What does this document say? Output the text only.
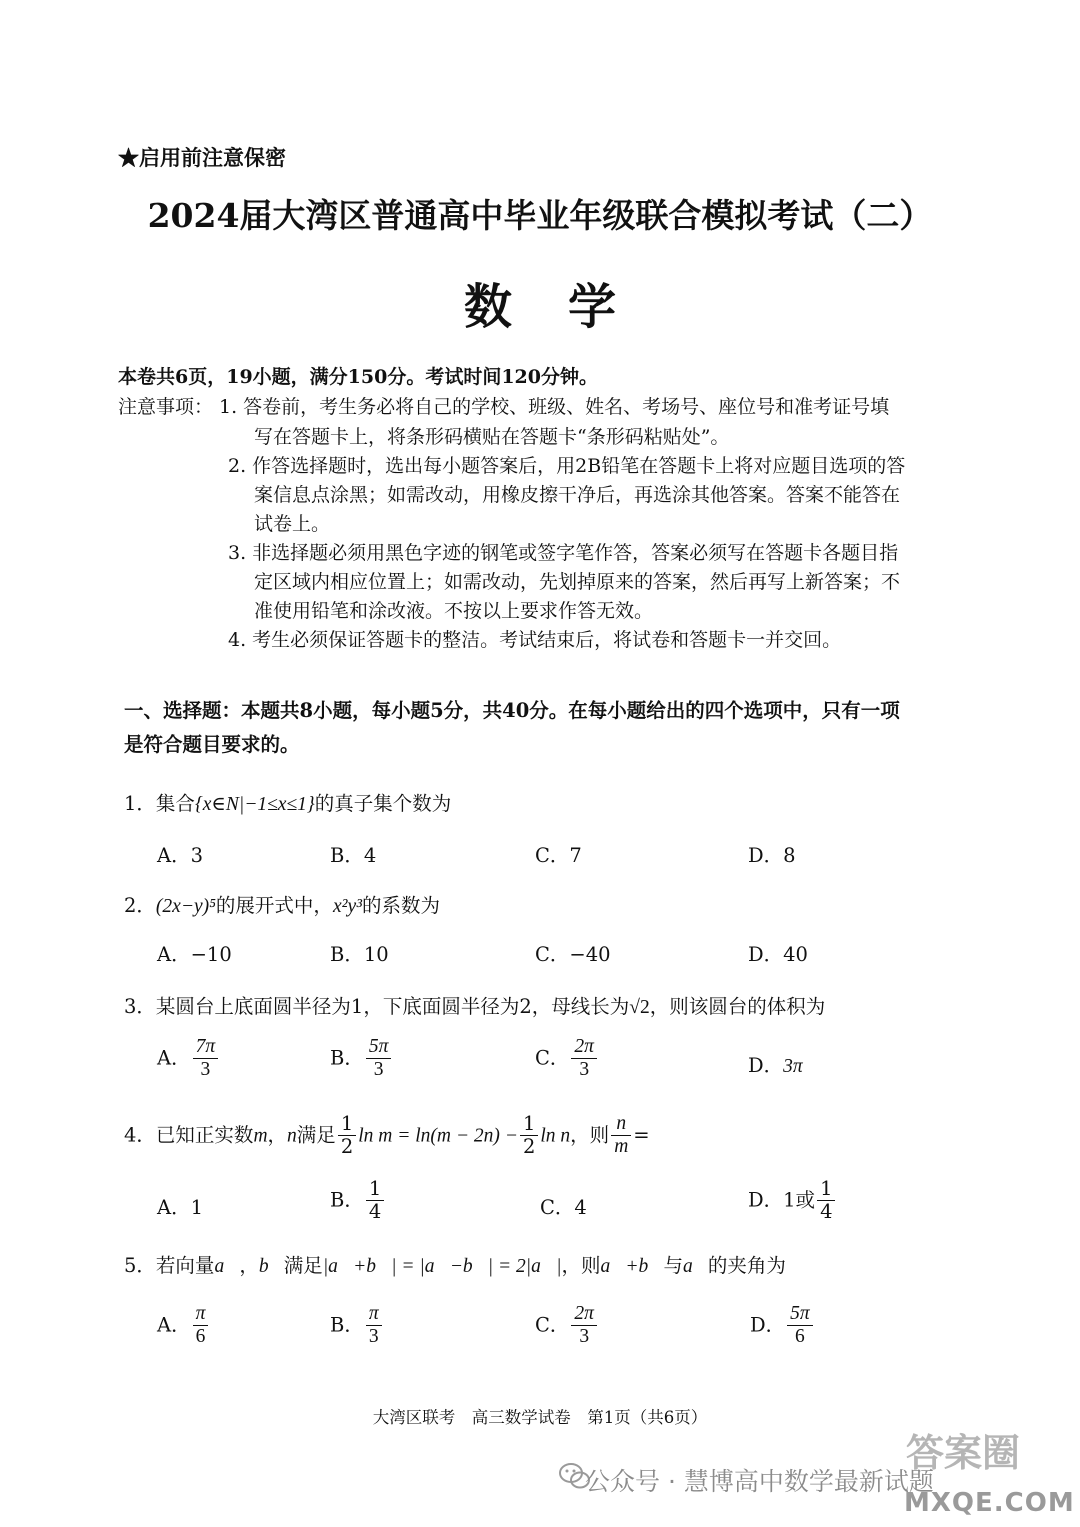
★启用前注意保密
2024届大湾区普通高中毕业年级联合模拟考试（二）
数学
本卷共6页，19小题，满分150分。考试时间120分钟。
注意事项： 1. 答卷前，考生务必将自己的学校、班级、姓名、考场号、座位号和准考证号填
写在答题卡上，将条形码横贴在答题卡“条形码粘贴处”。
2. 作答选择题时，选出每小题答案后，用2B铅笔在答题卡上将对应题目选项的答
案信息点涂黑；如需改动，用橡皮擦干净后，再选涂其他答案。答案不能答在
试卷上。
3. 非选择题必须用黑色字迹的钢笔或签字笔作答，答案必须写在答题卡各题目指
定区域内相应位置上；如需改动，先划掉原来的答案，然后再写上新答案；不
准使用铅笔和涂改液。不按以上要求作答无效。
4. 考生必须保证答题卡的整洁。考试结束后，将试卷和答题卡一并交回。
一、选择题：本题共8小题，每小题5分，共40分。在每小题给出的四个选项中，只有一项
是符合题目要求的。
1．集合{x∈N|−1≤x≤1}的真子集个数为
A．3	B．4	C．7	D．8
2．(2x−y)⁵的展开式中，x²y³的系数为
A．−10	B．10	C．−40	D．40
3．某圆台上底面圆半径为1，下底面圆半径为2，母线长为√2，则该圆台的体积为
A． $\frac{7\pi}{3}$	B． $\frac{5\pi}{3}$	C． $\frac{2\pi}{3}$	D．3π
4．已知正实数m，n满足 $\frac{1}{2}$ $\ln m = \ln(m - 2n) - \frac{1}{2}$ ln n，则 $\frac{n}{m}$ =
A．1	B． $\frac{1}{4}$	C．4	D．1或 $\frac{1}{4}$
5．若向量a⃗，b⃗满足|a⃗+b⃗| = |a⃗−b⃗| = 2|a⃗|，则a⃗+b⃗与a⃗的夹角为
A． $\frac{\pi}{6}$	B． $\frac{\pi}{3}$	C． $\frac{2\pi}{3}$	D． $\frac{5\pi}{6}$
大湾区联考　高三数学试卷　第1页（共6页）
公众号 · 慧博高中数学最新试题
答案圈
MXQE.COM
